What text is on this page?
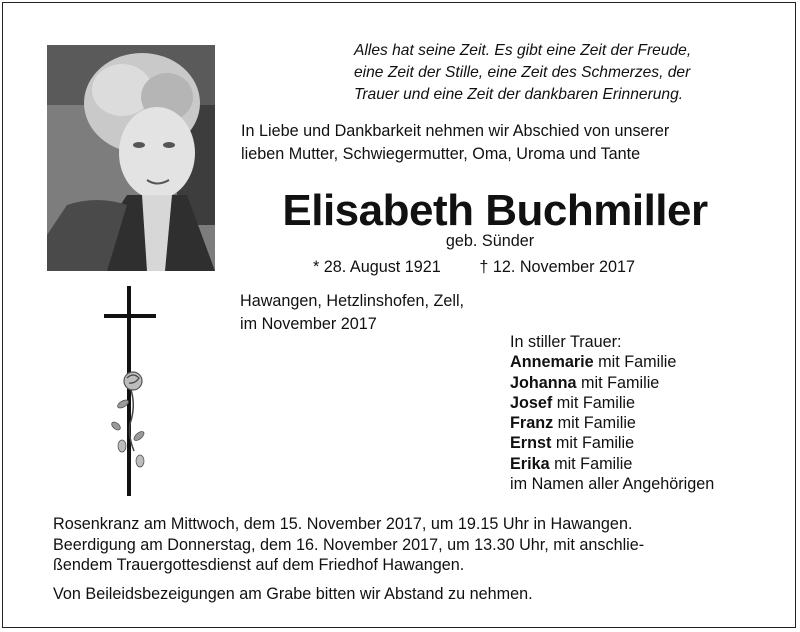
Alles hat seine Zeit. Es gibt eine Zeit der Freude,
eine Zeit der Stille, eine Zeit des Schmerzes, der
Trauer und eine Zeit der dankbaren Erinnerung.
In Liebe und Dankbarkeit nehmen wir Abschied von unserer
lieben Mutter, Schwiegermutter, Oma, Uroma und Tante
Elisabeth Buchmiller
geb. Sünder
* 28. August 1921 † 12. November 2017
Hawangen, Hetzlinshofen, Zell,
im November 2017
In stiller Trauer:
Annemarie mit Familie
Johanna mit Familie
Josef mit Familie
Franz mit Familie
Ernst mit Familie
Erika mit Familie
im Namen aller Angehörigen
Rosenkranz am Mittwoch, dem 15. November 2017, um 19.15 Uhr in Hawangen.
Beerdigung am Donnerstag, dem 16. November 2017, um 13.30 Uhr, mit anschlie-
ßendem Trauergottesdienst auf dem Friedhof Hawangen.
Von Beileidsbezeigungen am Grabe bitten wir Abstand zu nehmen.
